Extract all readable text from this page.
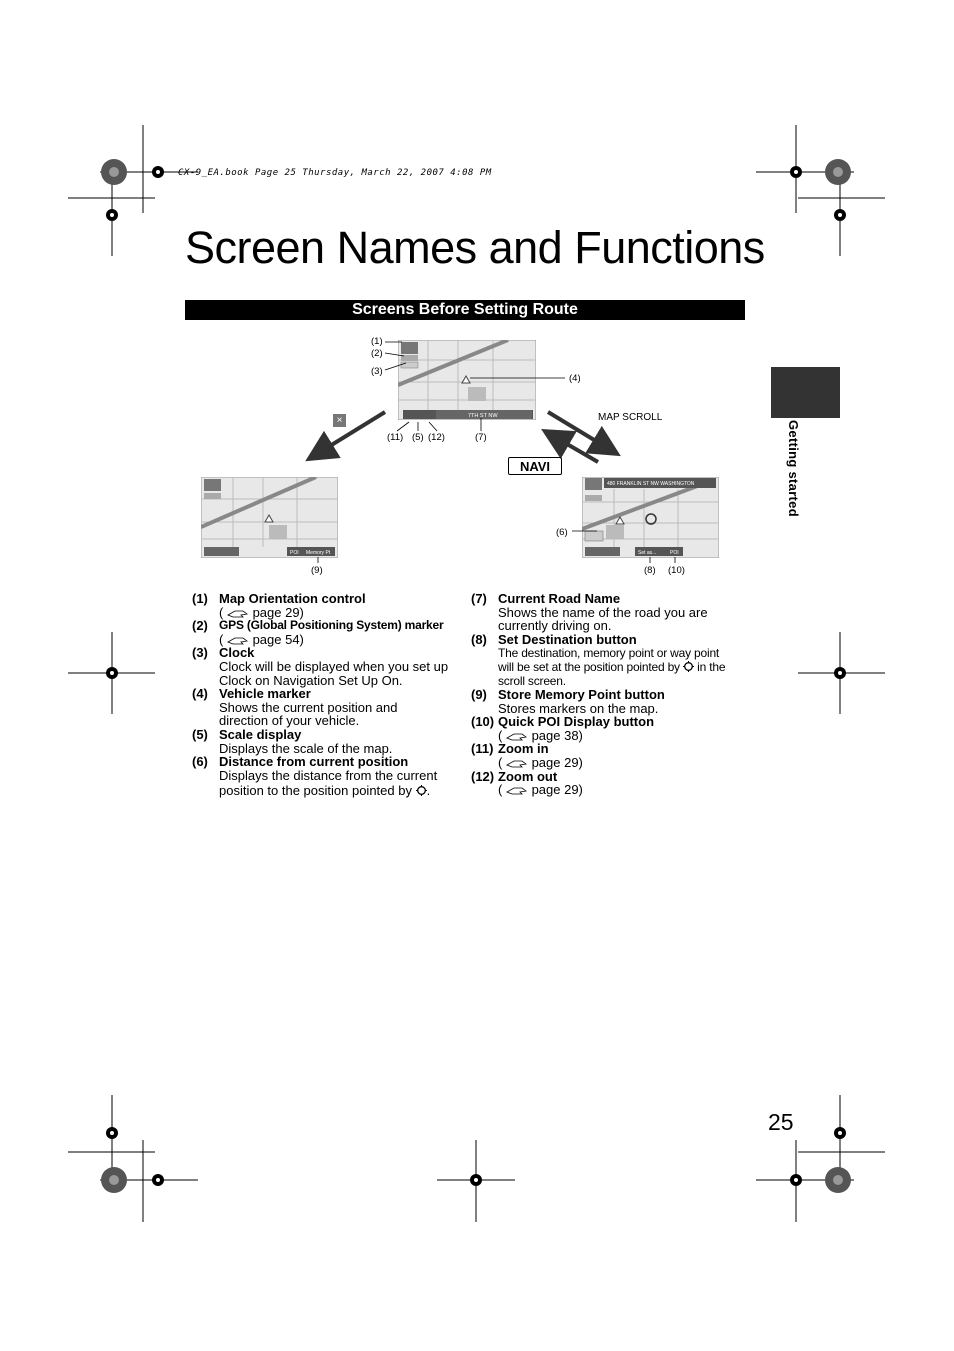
CX-9_EA.book Page 25 Thursday, March 22, 2007 4:08 PM
Screen Names and Functions
Screens Before Setting Route
Getting started
7TH ST NW
POI Memory Pt
480 FRANKLIN ST NW WASHINGTON
Set as...	POI
(1)
(2)
(3)
(4)
(11) (5) (12)	(7)
(6)
(9)	(8) (10)
MAP SCROLL
NAVI
×
(1) Map Orientation control
(  page 29)
(2) GPS (Global Positioning System) marker
(  page 54)
(3) Clock
Clock will be displayed when you set up
Clock on Navigation Set Up On.
(4) Vehicle marker
Shows the current position and
direction of your vehicle.
(5) Scale display
Displays the scale of the map.
(6) Distance from current position
Displays the distance from the current
position to the position pointed by .
(7) Current Road Name
Shows the name of the road you are
currently driving on.
(8) Set Destination button
The destination, memory point or way point
will be set at the position pointed by  in the
scroll screen.
(9) Store Memory Point button
Stores markers on the map.
(10) Quick POI Display button
(  page 38)
(11) Zoom in
(  page 29)
(12) Zoom out
(  page 29)
25
